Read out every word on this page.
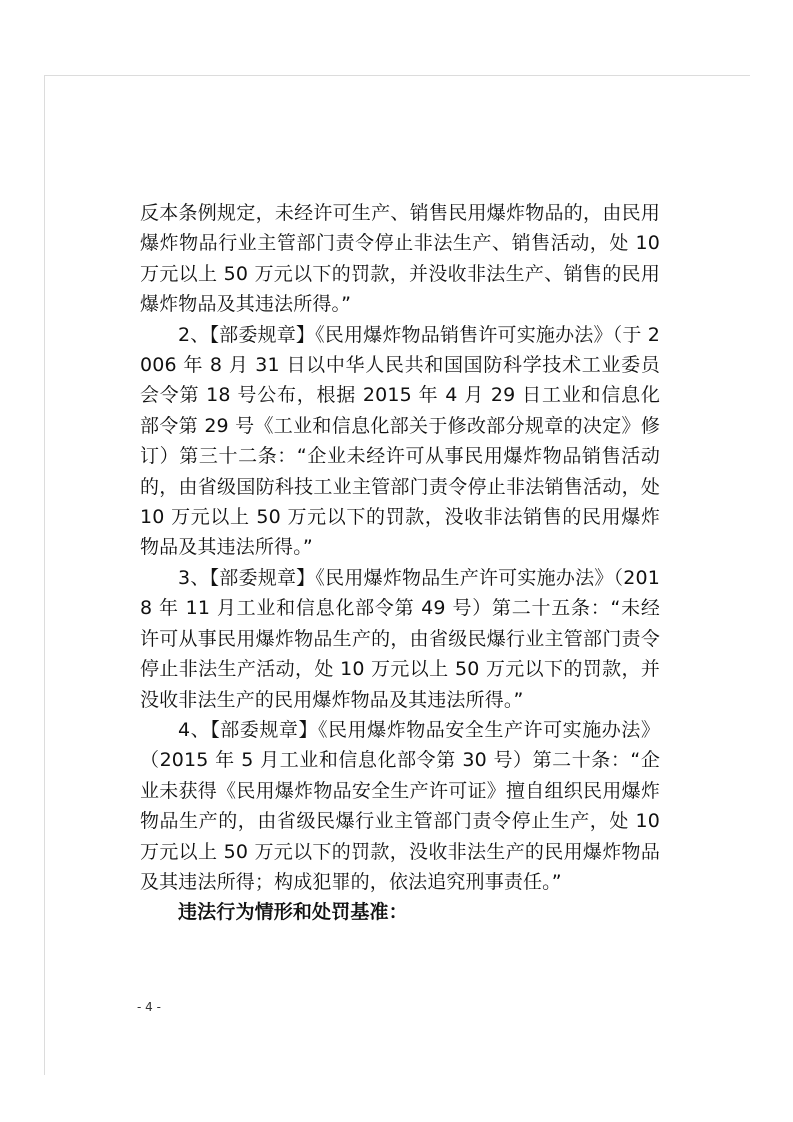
反本条例规定，未经许可生产、销售民用爆炸物品的，由民用爆炸物品行业主管部门责令停止非法生产、销售活动，处 10 万元以上 50 万元以下的罚款，并没收非法生产、销售的民用爆炸物品及其违法所得。”

2、【部委规章】《民用爆炸物品销售许可实施办法》（于 2006 年 8 月 31 日以中华人民共和国国防科学技术工业委员会令第 18 号公布，根据 2015 年 4 月 29 日工业和信息化部令第 29 号《工业和信息化部关于修改部分规章的决定》修订）第三十二条：“企业未经许可从事民用爆炸物品销售活动的，由省级国防科技工业主管部门责令停止非法销售活动，处 10 万元以上 50 万元以下的罚款，没收非法销售的民用爆炸物品及其违法所得。”

3、【部委规章】《民用爆炸物品生产许可实施办法》（2018 年 11 月工业和信息化部令第 49 号）第二十五条：“未经许可从事民用爆炸物品生产的，由省级民爆行业主管部门责令停止非法生产活动，处 10 万元以上 50 万元以下的罚款，并没收非法生产的民用爆炸物品及其违法所得。”

4、【部委规章】《民用爆炸物品安全生产许可实施办法》（2015 年 5 月工业和信息化部令第 30 号）第二十条：“企业未获得《民用爆炸物品安全生产许可证》擅自组织民用爆炸物品生产的，由省级民爆行业主管部门责令停止生产，处 10 万元以上 50 万元以下的罚款，没收非法生产的民用爆炸物品及其违法所得；构成犯罪的，依法追究刑事责任。”

违法行为情形和处罚基准：

- 4 -
